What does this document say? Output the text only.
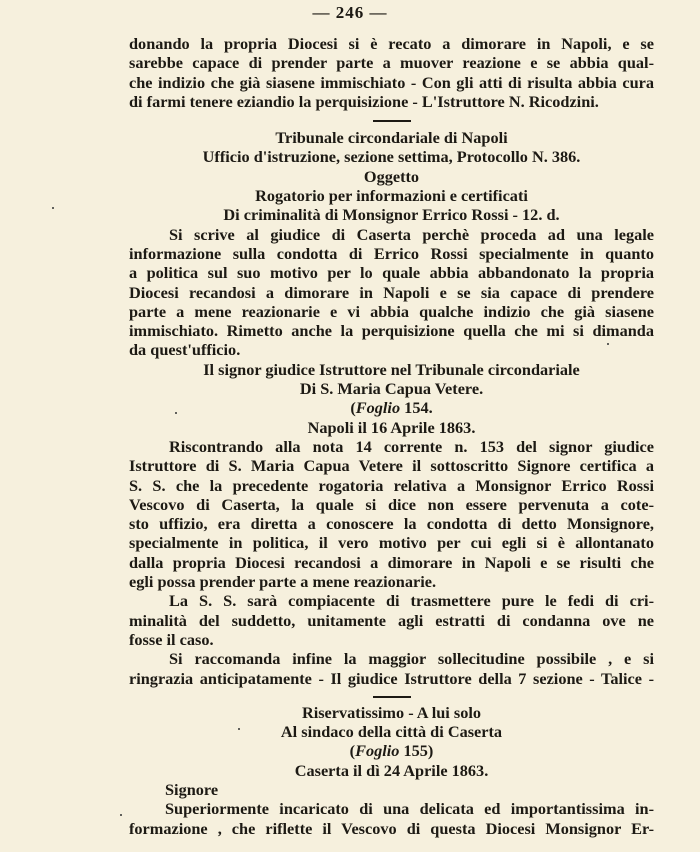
— 246 —
donando la propria Diocesi si è recato a dimorare in Napoli, e se
sarebbe capace di prender parte a muover reazione e se abbia qual-
che indizio che già siasene immischiato - Con gli atti di risulta abbia cura
di farmi tenere eziandio la perquisizione - L'Istruttore N. Ricodzini.
Tribunale circondariale di Napoli
Ufficio d'istruzione, sezione settima, Protocollo N. 386.
Oggetto
Rogatorio per informazioni e certificati
Di criminalità di Monsignor Errico Rossi - 12. d.
Si scrive al giudice di Caserta perchè proceda ad una legale
informazione sulla condotta di Errico Rossi specialmente in quanto
a politica sul suo motivo per lo quale abbia abbandonato la propria
Diocesi recandosi a dimorare in Napoli e se sia capace di prendere
parte a mene reazionarie e vi abbia qualche indizio che già siasene
immischiato. Rimetto anche la perquisizione quella che mi si dimanda
da quest'ufficio.
Il signor giudice Istruttore nel Tribunale circondariale
Di S. Maria Capua Vetere.
(Foglio 154.
Napoli il 16 Aprile 1863.
Riscontrando alla nota 14 corrente n. 153 del signor giudice
Istruttore di S. Maria Capua Vetere il sottoscritto Signore certifica a
S. S. che la precedente rogatoria relativa a Monsignor Errico Rossi
Vescovo di Caserta, la quale si dice non essere pervenuta a cote-
sto uffizio, era diretta a conoscere la condotta di detto Monsignore,
specialmente in politica, il vero motivo per cui egli si è allontanato
dalla propria Diocesi recandosi a dimorare in Napoli e se risulti che
egli possa prender parte a mene reazionarie.
La S. S. sarà compiacente di trasmettere pure le fedi di cri-
minalità del suddetto, unitamente agli estratti di condanna ove ne
fosse il caso.
Si raccomanda infine la maggior sollecitudine possibile , e si
ringrazia anticipatamente - Il giudice Istruttore della 7 sezione - Talice -
Riservatissimo - A lui solo
Al sindaco della città di Caserta
(Foglio 155)
Caserta il dì 24 Aprile 1863.
Signore
Superiormente incaricato di una delicata ed importantissima in-
formazione , che riflette il Vescovo di questa Diocesi Monsignor Er-
